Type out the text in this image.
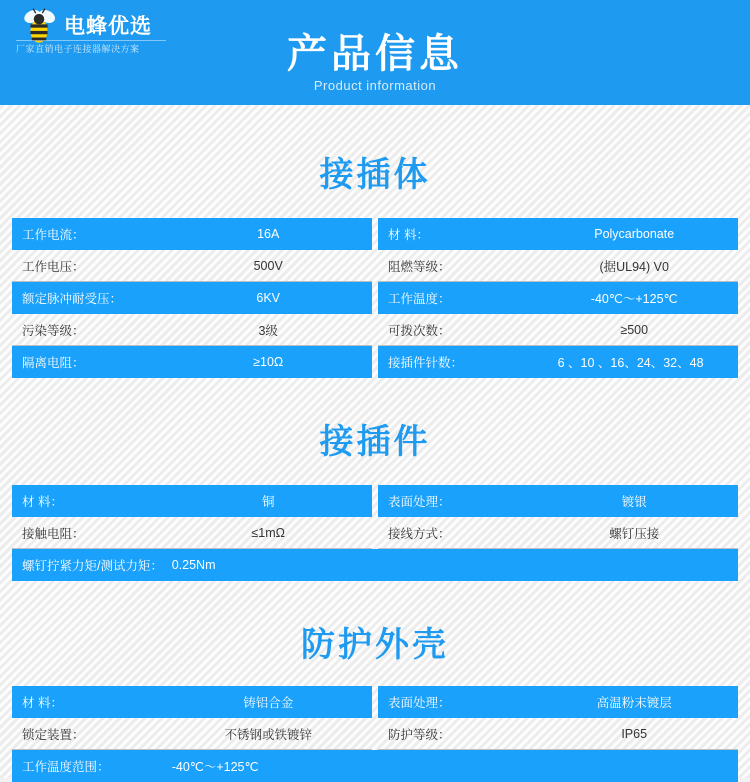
电蜂优选
厂家直销电子连接器解决方案	产品信息
Product information
接插体
工作电流：	16A
工作电压：	500V
额定脉冲耐受压：	6KV
污染等级：	3级
隔离电阻：	≥10Ω
材 料：	Polycarbonate
阻燃等级：	(据UL94) V0
工作温度：	-40℃～+125℃
可拨次数：	≥500
接插件针数：	6 、10 、16、24、32、48
接插件
材 料：	铜
接触电阻：	≤1mΩ
表面处理：	镀银
接线方式：	螺钉压接
螺钉拧紧力矩/测试力矩： 0.25Nm
防护外壳
材 料：	铸铝合金
锁定装置：	不锈钢或铁镀锌
表面处理：	高温粉末镀层
防护等级：	IP65
工作温度范围：	-40℃～+125℃
